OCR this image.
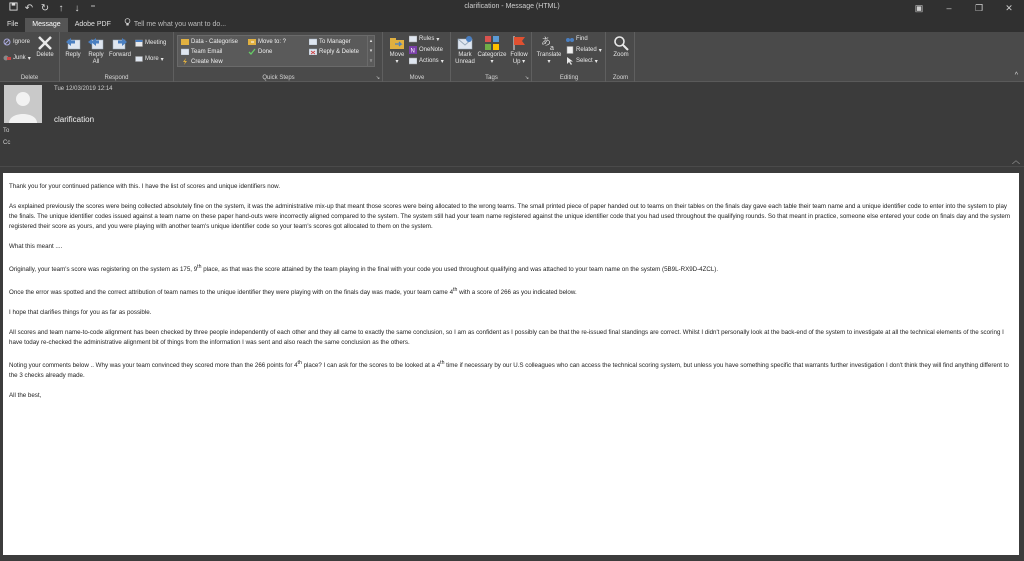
↶ ↻ ↑	↓	⁼	clarification - Message (HTML)	▣	–	❐	✕
File	Message	Adobe PDF	Tell me what you want to do...
Ignore
Junk ▾
Delete
Delete
Reply	Reply
All
Forward
Meeting
More ▾
Respond
Data - Categorise	Move to: ?	To Manager
Team Email	Done	Reply & Delete
Create New
▴
▾
▿
Quick Steps	↘
Move
▾
Rules ▾
N OneNote
Actions ▾
Move
Mark
Unread
Categorize
▾
Follow
Up ▾
Tags	↘
あ
a
Translate
▾
Find
Related ▾
Select ▾
Editing
Zoom
Zoom	^
Tue 12/03/2019 12:14
clarification
To
Cc
︿

Thank you for your continued patience with this. I have the list of scores and unique identifiers now.

As explained previously the scores were being collected absolutely fine on the system, it was the administrative mix-up that meant those scores were being allocated to the wrong teams. The small printed piece of paper handed out to teams on their tables on the finals day gave each table their team name and a unique identifier code to enter into the system to play the finals. The unique identifier codes issued against a team name on these paper hand-outs were incorrectly aligned compared to the system. The system still had your team name registered against the unique identifier code that you had used throughout the qualifying rounds. So that meant in practice, someone else entered your code on finals day and the system registered their score as yours, and you were playing with another team's unique identifier code so your team's scores got allocated to them on the system.

What this meant ....

Originally, your team's score was registering on the system as 175, 9th place, as that was the score attained by the team playing in the final with your code you used throughout qualifying and was attached to your team name on the system (5B9L-RX9D-4ZCL).

Once the error was spotted and the correct attribution of team names to the unique identifier they were playing with on the finals day was made, your team came 4th with a score of 266 as you indicated below.

I hope that clarifies things for you as far as possible.

All scores and team name-to-code alignment has been checked by three people independently of each other and they all came to exactly the same conclusion, so I am as confident as I possibly can be that the re-issued final standings are correct. Whilst I didn't personally look at the back-end of the system to investigate at all the technical elements of the scoring I have today re-checked the administrative alignment bit of things from the information I was sent and also reach the same conclusion as the others.

Noting your comments below .. Why was your team convinced they scored more than the 266 points for 4th place? I can ask for the scores to be looked at a 4th time if necessary by our U.S colleagues who can access the technical scoring system, but unless you have something specific that warrants further investigation I don't think they will find anything different to the 3 checks already made.

All the best,
